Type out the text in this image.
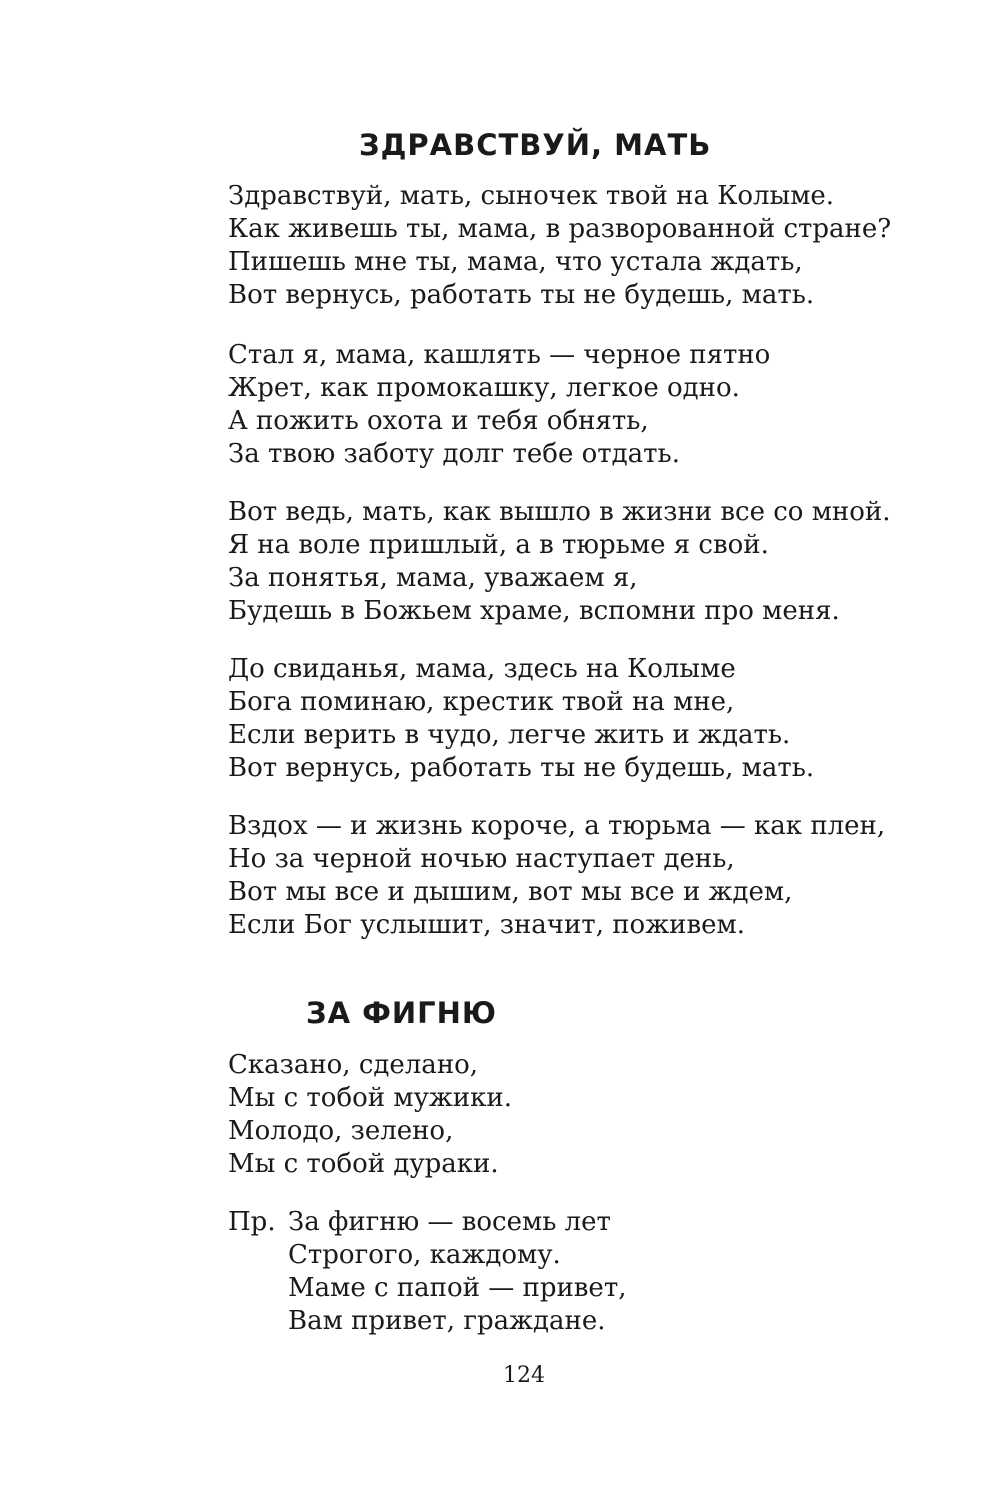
ЗДРАВСТВУЙ, МАТЬ
Здравствуй, мать, сыночек твой на Колыме.
Как живешь ты, мама, в разворованной стране?
Пишешь мне ты, мама, что устала ждать,
Вот вернусь, работать ты не будешь, мать.
Стал я, мама, кашлять — черное пятно
Жрет, как промокашку, легкое одно.
А пожить охота и тебя обнять,
За твою заботу долг тебе отдать.
Вот ведь, мать, как вышло в жизни все со мной.
Я на воле пришлый, а в тюрьме я свой.
За понятья, мама, уважаем я,
Будешь в Божьем храме, вспомни про меня.
До свиданья, мама, здесь на Колыме
Бога поминаю, крестик твой на мне,
Если верить в чудо, легче жить и ждать.
Вот вернусь, работать ты не будешь, мать.
Вздох — и жизнь короче, а тюрьма — как плен,
Но за черной ночью наступает день,
Вот мы все и дышим, вот мы все и ждем,
Если Бог услышит, значит, поживем.
ЗА ФИГНЮ
Сказано, сделано,
Мы с тобой мужики.
Молодо, зелено,
Мы с тобой дураки.
Пр. За фигню — восемь лет
Строгого, каждому. Маме с папой — привет, Вам привет, граждане.
124
